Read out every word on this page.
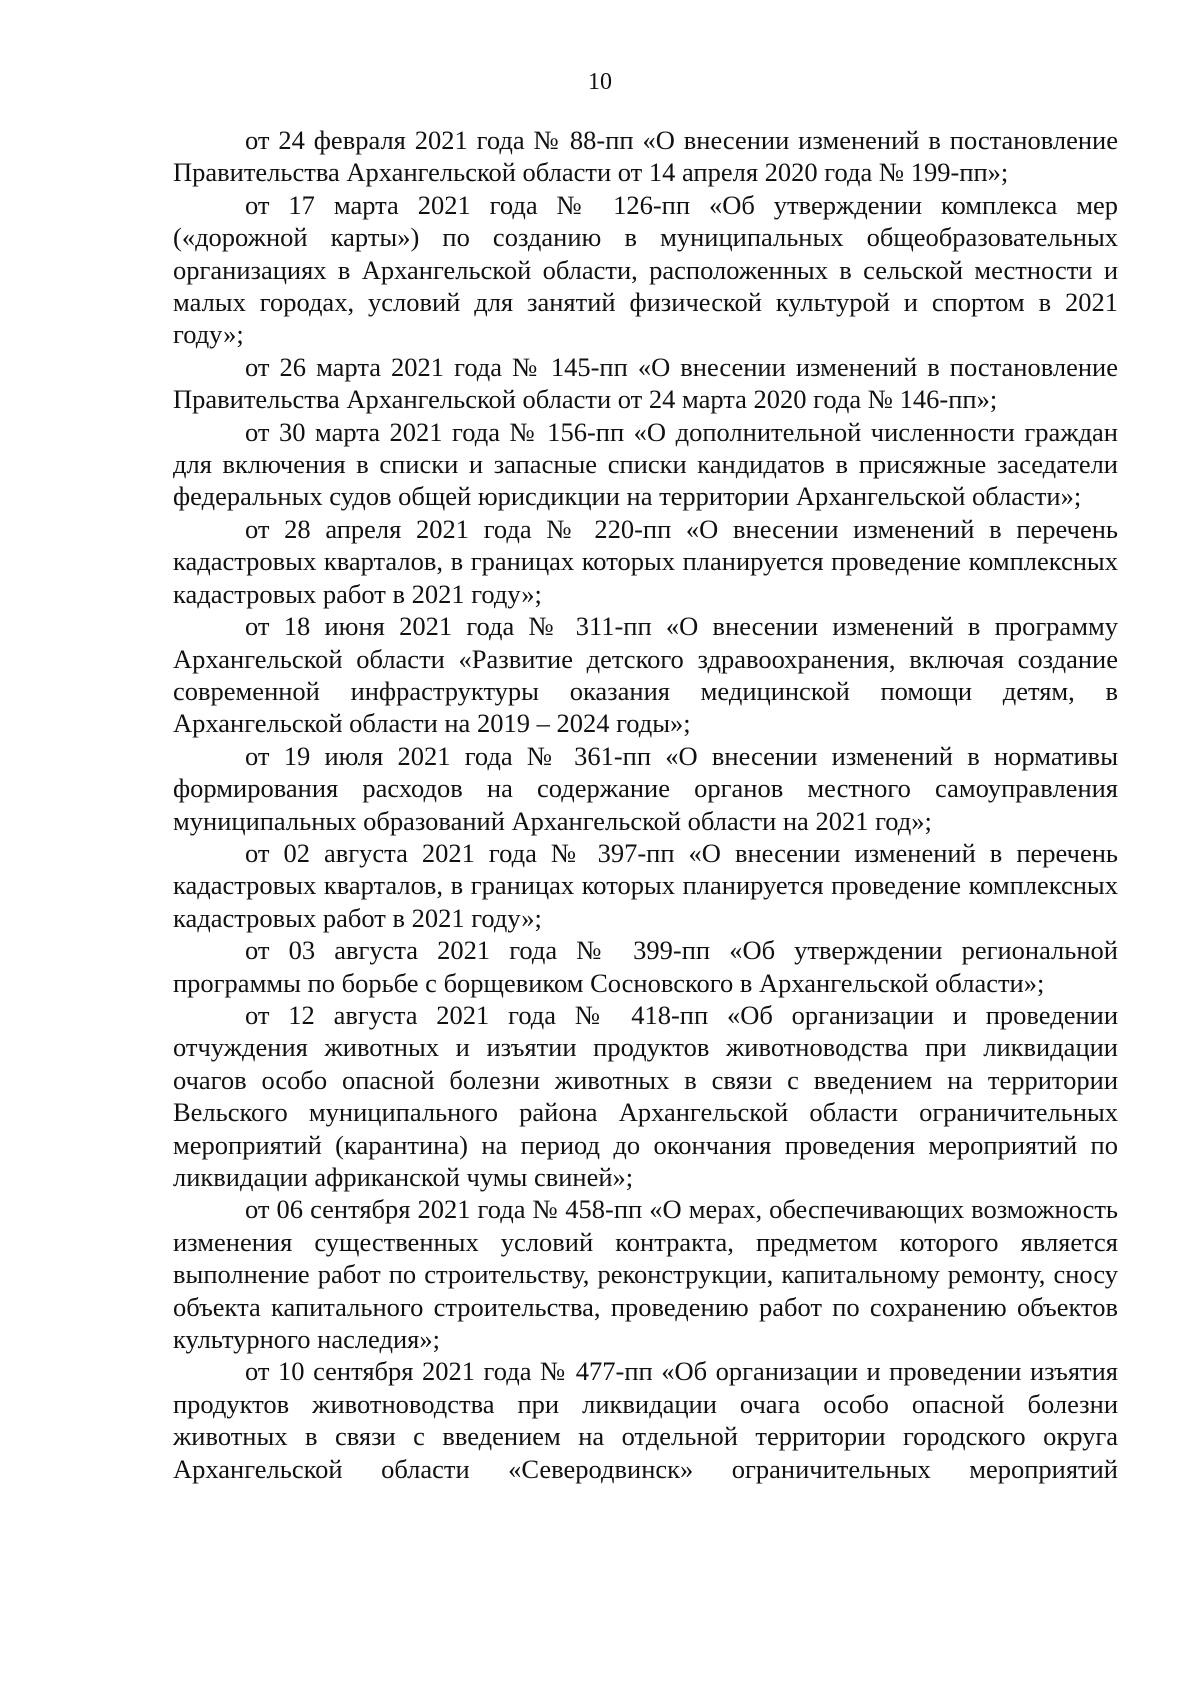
10

от 24 февраля 2021 года № 88-пп «О внесении изменений в постановление Правительства Архангельской области от 14 апреля 2020 года № 199-пп»;

от 17 марта 2021 года № 126-пп «Об утверждении комплекса мер («дорожной карты») по созданию в муниципальных общеобразовательных организациях в Архангельской области, расположенных в сельской местности и малых городах, условий для занятий физической культурой и спортом в 2021 году»;

от 26 марта 2021 года № 145-пп «О внесении изменений в постановление Правительства Архангельской области от 24 марта 2020 года № 146-пп»;

от 30 марта 2021 года № 156-пп «О дополнительной численности граждан для включения в списки и запасные списки кандидатов в присяжные заседатели федеральных судов общей юрисдикции на территории Архангельской области»;

от 28 апреля 2021 года № 220-пп «О внесении изменений в перечень кадастровых кварталов, в границах которых планируется проведение комплексных кадастровых работ в 2021 году»;

от 18 июня 2021 года № 311-пп «О внесении изменений в программу Архангельской области «Развитие детского здравоохранения, включая создание современной инфраструктуры оказания медицинской помощи детям, в Архангельской области на 2019 – 2024 годы»;

от 19 июля 2021 года № 361-пп «О внесении изменений в нормативы формирования расходов на содержание органов местного самоуправления муниципальных образований Архангельской области на 2021 год»;

от 02 августа 2021 года № 397-пп «О внесении изменений в перечень кадастровых кварталов, в границах которых планируется проведение комплексных кадастровых работ в 2021 году»;

от 03 августа 2021 года № 399-пп «Об утверждении региональной программы по борьбе с борщевиком Сосновского в Архангельской области»;

от 12 августа 2021 года № 418-пп «Об организации и проведении отчуждения животных и изъятии продуктов животноводства при ликвидации очагов особо опасной болезни животных в связи с введением на территории Вельского муниципального района Архангельской области ограничительных мероприятий (карантина) на период до окончания проведения мероприятий по ликвидации африканской чумы свиней»;

от 06 сентября 2021 года № 458-пп «О мерах, обеспечивающих возможность изменения существенных условий контракта, предметом которого является выполнение работ по строительству, реконструкции, капитальному ремонту, сносу объекта капитального строительства, проведению работ по сохранению объектов культурного наследия»;

от 10 сентября 2021 года № 477-пп «Об организации и проведении изъятия продуктов животноводства при ликвидации очага особо опасной болезни животных в связи с введением на отдельной территории городского округа Архангельской области «Северодвинск» ограничительных мероприятий
